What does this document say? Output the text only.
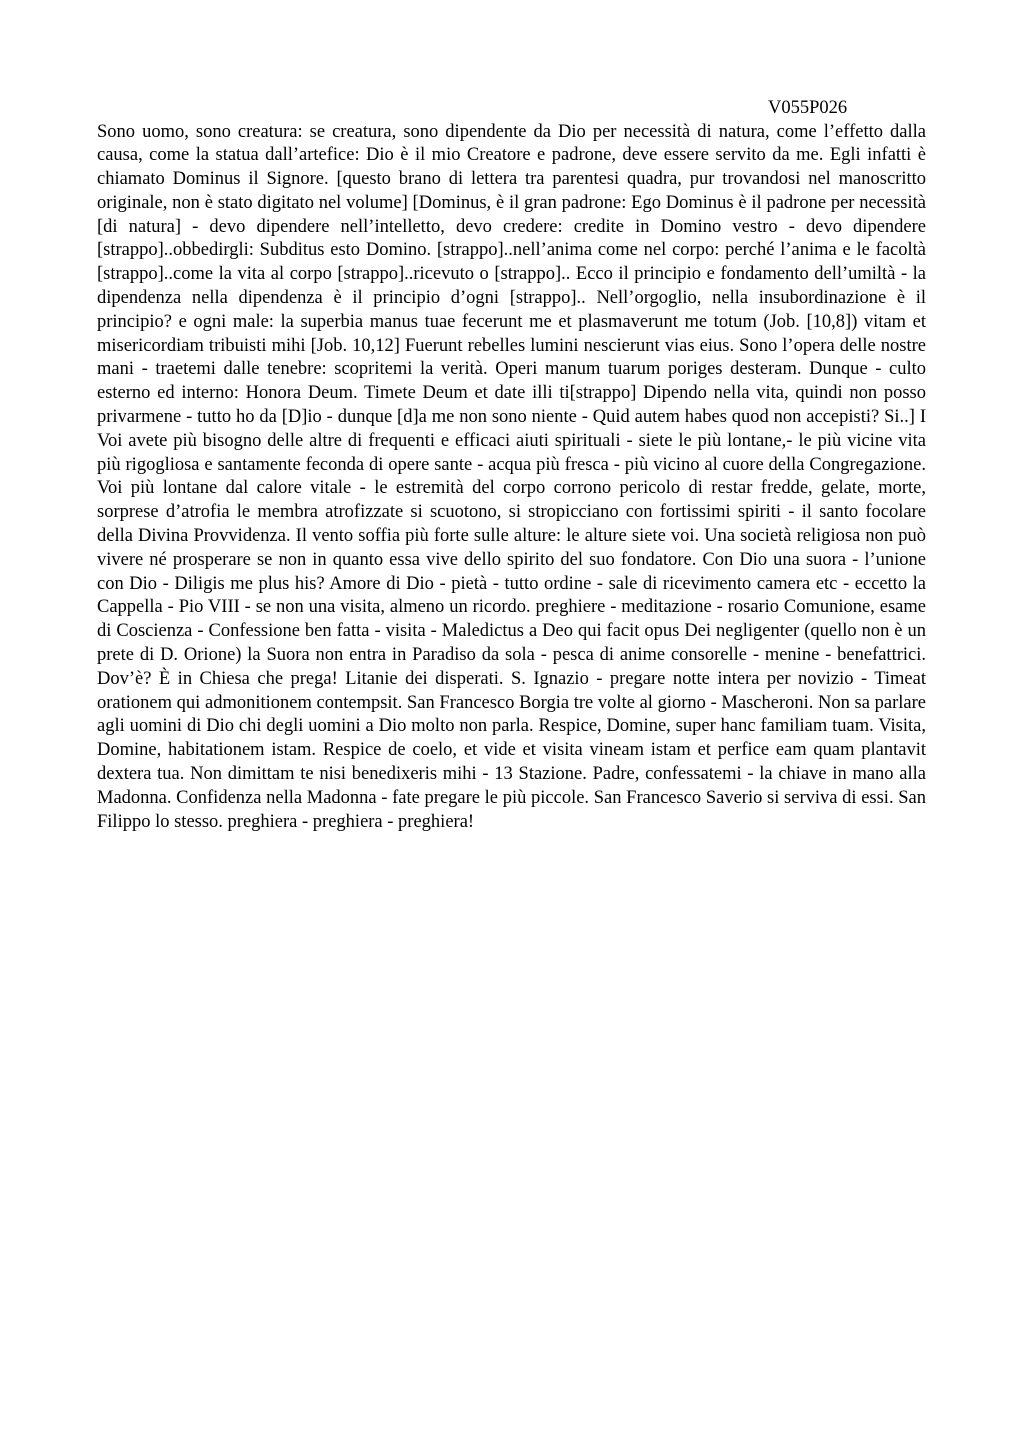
V055P026

Sono uomo, sono creatura: se creatura, sono dipendente da Dio per necessità di natura, come l’effetto dalla causa, come la statua dall’artefice: Dio è il mio Creatore e padrone, deve essere servito da me. Egli infatti è chiamato Dominus il Signore. [questo brano di lettera tra parentesi quadra, pur trovandosi nel manoscritto originale, non è stato digitato nel volume] [Dominus, è il gran padrone: Ego Dominus è il padrone per necessità [di natura] - devo dipendere nell’intelletto, devo credere: credite in Domino vestro - devo dipendere [strappo]..obbedirgli: Subditus esto Domino. [strappo]..nell’anima come nel corpo: perché l’anima e le facoltà [strappo]..come la vita al corpo [strappo]..ricevuto o [strappo].. Ecco il principio e fondamento dell’umiltà - la dipendenza nella dipendenza è il principio d’ogni [strappo].. Nell’orgoglio, nella insubordinazione è il principio? e ogni male: la superbia manus tuae fecerunt me et plasmaverunt me totum (Job. [10,8]) vitam et misericordiam tribuisti mihi [Job. 10,12] Fuerunt rebelles lumini nescierunt vias eius. Sono l’opera delle nostre mani - traetemi dalle tenebre: scopritemi la verità. Operi manum tuarum poriges desteram. Dunque - culto esterno ed interno: Honora Deum. Timete Deum et date illi ti[strappo] Dipendo nella vita, quindi non posso privarmene - tutto ho da [D]io - dunque [d]a me non sono niente - Quid autem habes quod non accepisti? Si..] I Voi avete più bisogno delle altre di frequenti e efficaci aiuti spirituali - siete le più lontane,- le più vicine vita più rigogliosa e santamente feconda di opere sante - acqua più fresca - più vicino al cuore della Congregazione. Voi più lontane dal calore vitale - le estremità del corpo corrono pericolo di restar fredde, gelate, morte, sorprese d’atrofia le membra atrofizzate si scuotono, si stropicciano con fortissimi spiriti - il santo focolare della Divina Provvidenza. Il vento soffia più forte sulle alture: le alture siete voi. Una società religiosa non può vivere né prosperare se non in quanto essa vive dello spirito del suo fondatore. Con Dio una suora - l’unione con Dio - Diligis me plus his? Amore di Dio - pietà - tutto ordine - sale di ricevimento camera etc - eccetto la Cappella - Pio VIII - se non una visita, almeno un ricordo. preghiere - meditazione - rosario Comunione, esame di Coscienza - Confessione ben fatta - visita - Maledictus a Deo qui facit opus Dei negligenter (quello non è un prete di D. Orione) la Suora non entra in Paradiso da sola - pesca di anime consorelle - menine - benefattrici. Dov’è? È in Chiesa che prega! Litanie dei disperati. S. Ignazio - pregare notte intera per novizio - Timeat orationem qui admonitionem contempsit. San Francesco Borgia tre volte al giorno - Mascheroni. Non sa parlare agli uomini di Dio chi degli uomini a Dio molto non parla. Respice, Domine, super hanc familiam tuam. Visita, Domine, habitationem istam. Respice de coelo, et vide et visita vineam istam et perfice eam quam plantavit dextera tua. Non dimittam te nisi benedixeris mihi - 13 Stazione. Padre, confessatemi - la chiave in mano alla Madonna. Confidenza nella Madonna - fate pregare le più piccole. San Francesco Saverio si serviva di essi. San Filippo lo stesso. preghiera - preghiera - preghiera!
